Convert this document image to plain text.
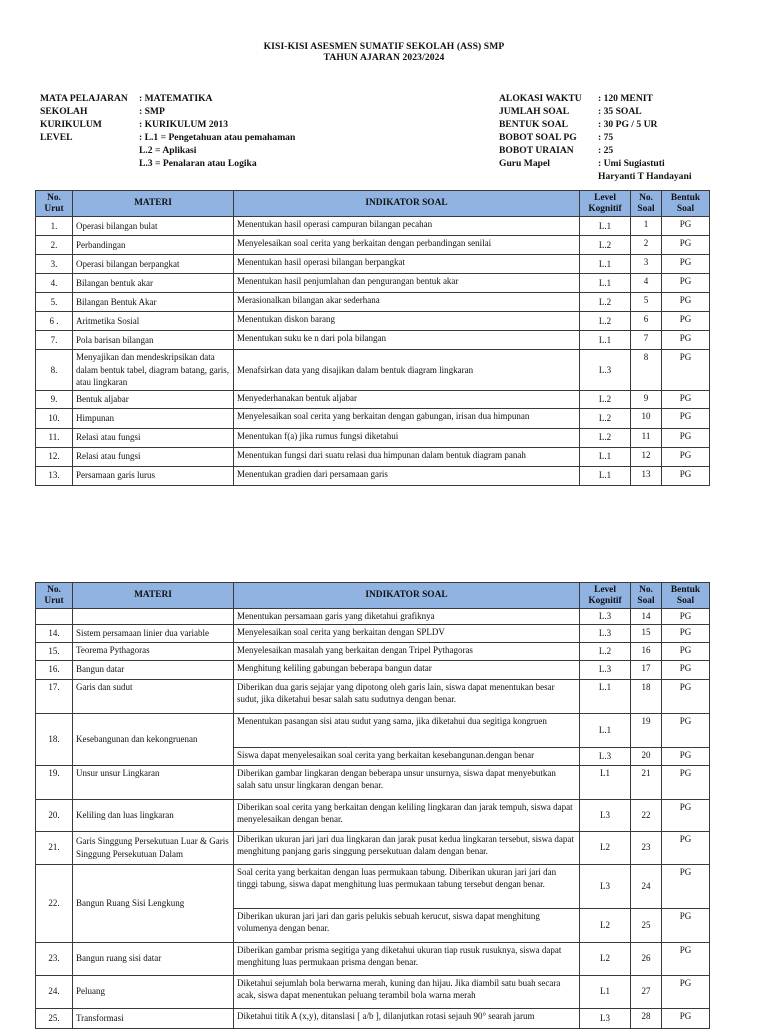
KISI-KISI ASESMEN SUMATIF SEKOLAH (ASS) SMP
TAHUN AJARAN 2023/2024
MATA PELAJARAN	: MATEMATIKA
SEKOLAH	: SMP
KURIKULUM	: KURIKULUM 2013
LEVEL	: L.1 = Pengetahuan atau pemahaman
	L.2 = Aplikasi
	L.3 = Penalaran atau Logika
ALOKASI WAKTU	: 120 MENIT
JUMLAH SOAL	: 35 SOAL
BENTUK SOAL	: 30 PG / 5 UR
BOBOT SOAL PG	: 75
BOBOT URAIAN	: 25
Guru Mapel	: Umi Sugiastuti
	Haryanti T Handayani
No. Urut	MATERI	INDIKATOR SOAL	Level Kognitif	No. Soal	Bentuk Soal
1.	Operasi bilangan bulat	Menentukan hasil operasi campuran bilangan pecahan	L.1	1	PG
2.	Perbandingan	Menyelesaikan soal cerita yang berkaitan dengan perbandingan senilai	L.2	2	PG
3.	Operasi bilangan berpangkat	Menentukan hasil operasi bilangan berpangkat	L.1	3	PG
4.	Bilangan bentuk akar	Menentukan hasil penjumlahan dan pengurangan bentuk akar	L.1	4	PG
5.	Bilangan Bentuk Akar	Merasionalkan bilangan akar sederhana	L.2	5	PG
6 .	Aritmetika Sosial	Menentukan diskon barang	L.2	6	PG
7.	Pola barisan bilangan	Menentukan suku ke n dari pola bilangan	L.1	7	PG
8.	Menyajikan dan mendeskripsikan data dalam bentuk tabel, diagram batang, garis, atau lingkaran	Menafsirkan data yang disajikan dalam bentuk diagram lingkaran	L.3	8	PG
9.	Bentuk aljabar	Menyederhanakan bentuk aljabar	L.2	9	PG
10.	Himpunan	Menyelesaikan soal cerita yang berkaitan dengan gabungan, irisan dua himpunan	L.2	10	PG
11.	Relasi atau fungsi	Menentukan f(a) jika rumus fungsi diketahui	L.2	11	PG
12.	Relasi atau fungsi	Menentukan fungsi dari suatu relasi dua himpunan dalam bentuk diagram panah	L.1	12	PG
13.	Persamaan garis lurus	Menentukan gradien dari persamaan garis	L.1	13	PG
No. Urut	MATERI	INDIKATOR SOAL	Level Kognitif	No. Soal	Bentuk Soal
		Menentukan persamaan garis yang diketahui grafiknya	L.3	14	PG
14.	Sistem persamaan linier dua variable	Menyelesaikan soal cerita yang berkaitan dengan SPLDV	L.3	15	PG
15.	Teorema Pythagoras	Menyelesaikan masalah yang berkaitan dengan Tripel Pythagoras	L.2	16	PG
16.	Bangun datar	Menghitung keliling gabungan beberapa bangun datar	L.3	17	PG
17.	Garis dan sudut	Diberikan dua garis sejajar yang dipotong oleh garis lain, siswa dapat menentukan besar sudut, jika diketahui besar salah satu sudutnya dengan benar.	L.1	18	PG
18.	Kesebangunan dan kekongruenan	Menentukan pasangan sisi atau sudut yang sama, jika diketahui dua segitiga kongruen	L.1	19	PG
		Siswa dapat menyelesaikan soal cerita yang berkaitan kesebangunan.dengan benar	L.3	20	PG
19.	Unsur unsur Lingkaran	Diberikan gambar lingkaran dengan beberapa unsur unsurnya, siswa dapat menyebutkan salah satu unsur lingkaran dengan benar.	L1	21	PG
20.	Keliling dan luas lingkaran	Diberikan soal cerita yang berkaitan dengan keliling lingkaran dan jarak tempuh, siswa dapat menyelesaikan dengan benar.	L3	22	PG
21.	Garis Singgung Persekutuan Luar & Garis Singgung Persekutuan Dalam	Diberikan ukuran jari jari dua lingkaran dan jarak pusat kedua lingkaran tersebut, siswa dapat menghitung panjang garis singgung persekutuan dalam dengan benar.	L2	23	PG
22.	Bangun Ruang Sisi Lengkung	Soal cerita yang berkaitan dengan luas permukaan tabung. Diberikan ukuran jari jari dan tinggi tabung, siswa dapat menghitung luas permukaan tabung tersebut dengan benar.	L3	24	PG
		Diberikan ukuran jari jari dan garis pelukis sebuah kerucut, siswa dapat menghitung volumenya dengan benar.	L2	25	PG
23.	Bangun ruang sisi datar	Diberikan gambar prisma segitiga yang diketahui ukuran tiap rusuk rusuknya, siswa dapat menghitung luas permukaan prisma dengan benar.	L2	26	PG
24.	Peluang	Diketahui sejumlah bola berwarna merah, kuning dan hijau. Jika diambil satu buah secara acak, siswa dapat menentukan peluang terambil bola warna merah	L1	27	PG
25.	Transformasi	Diketahui titik A (x,y), ditanslasi [ a/b ], dilanjutkan rotasi sejauh 90° searah jarum	L3	28	PG
